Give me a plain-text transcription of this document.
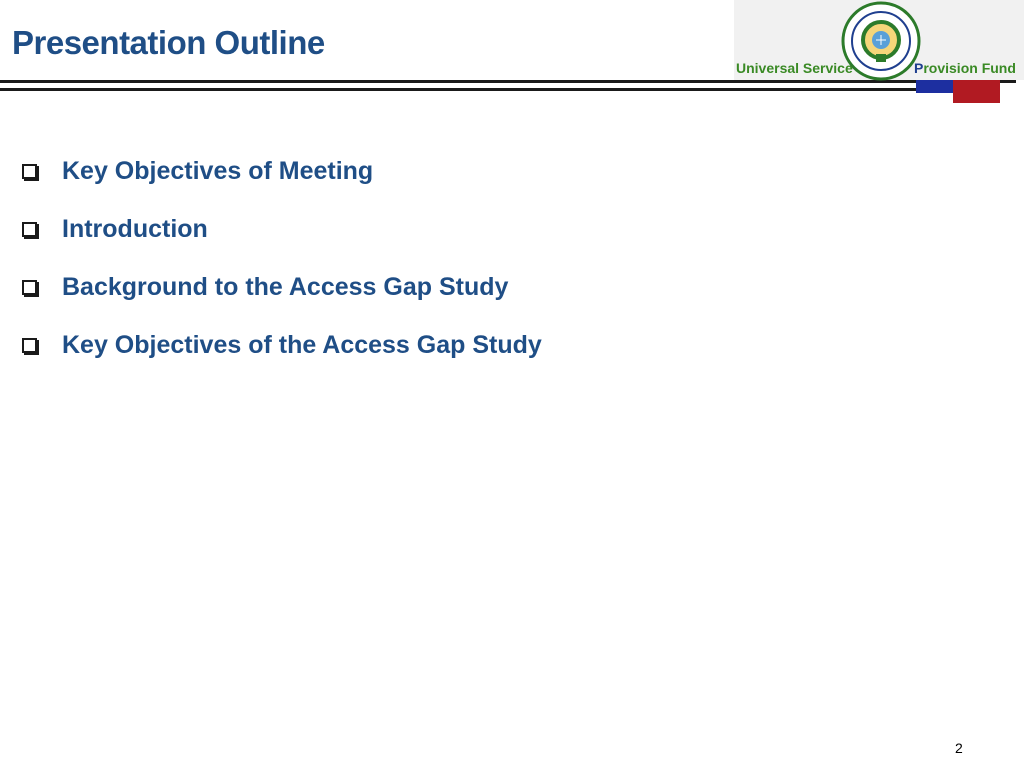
Presentation Outline
Universal Service	Provision Fund
Key Objectives of Meeting
Introduction
Background to the Access Gap Study
Key Objectives of the Access Gap Study
2
